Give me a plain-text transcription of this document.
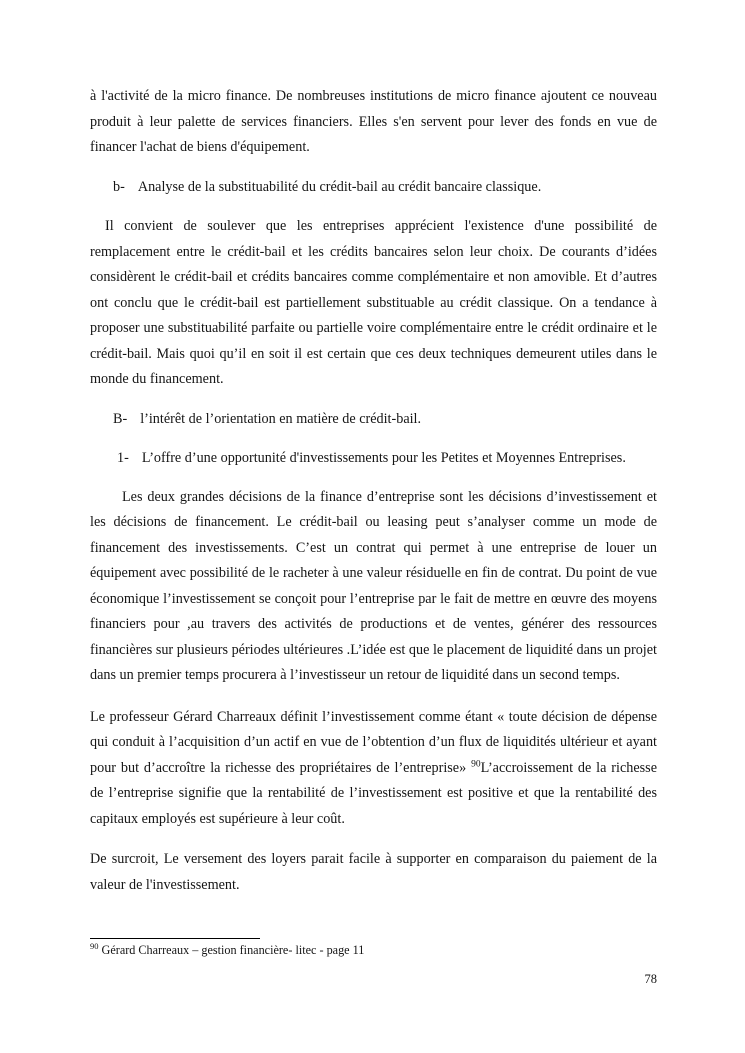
à l'activité de la micro finance. De nombreuses institutions de micro finance ajoutent ce nouveau produit à leur palette de services financiers. Elles s'en servent pour lever des fonds en vue de financer l'achat de biens d'équipement.

b- Analyse de la substituabilité du crédit-bail au crédit bancaire classique.

Il convient de soulever que les entreprises apprécient l'existence d'une possibilité de remplacement entre le crédit-bail et les crédits bancaires selon leur choix. De courants d’idées considèrent le crédit-bail et crédits bancaires comme complémentaire et non amovible. Et d’autres ont conclu que le crédit-bail est partiellement substituable au crédit classique. On a tendance à proposer une substituabilité parfaite ou partielle voire complémentaire entre le crédit ordinaire et le crédit-bail. Mais quoi qu’il en soit il est certain que ces deux techniques demeurent utiles dans le monde du financement.

B- l’intérêt de l’orientation en matière de crédit-bail.

1- L’offre d’une opportunité d'investissements pour les Petites et Moyennes Entreprises.

Les deux grandes décisions de la finance d’entreprise sont les décisions d’investissement et les décisions de financement. Le crédit-bail ou leasing peut s’analyser comme un mode de financement des investissements. C’est un contrat qui permet à une entreprise de louer un équipement avec possibilité de le racheter à une valeur résiduelle en fin de contrat. Du point de vue économique l’investissement se conçoit pour l’entreprise par le fait de mettre en œuvre des moyens financiers pour ,au travers des activités de productions et de ventes, générer des ressources financières sur plusieurs périodes ultérieures .L’idée est que le placement de liquidité dans un projet dans un premier temps procurera à l’investisseur un retour de liquidité dans un second temps.

Le professeur Gérard Charreaux définit l’investissement comme étant « toute décision de dépense qui conduit à l’acquisition d’un actif en vue de l’obtention d’un flux de liquidités ultérieur et ayant pour but d’accroître la richesse des propriétaires de l’entreprise» $^{90}$L’accroissement de la richesse de l’entreprise signifie que la rentabilité de l’investissement est positive et que la rentabilité des capitaux employés est supérieure à leur coût.

De surcroit, Le versement des loyers parait facile à supporter en comparaison du paiement de la valeur de l'investissement.

$^{90}$ Gérard Charreaux – gestion financière- litec - page 11
78
